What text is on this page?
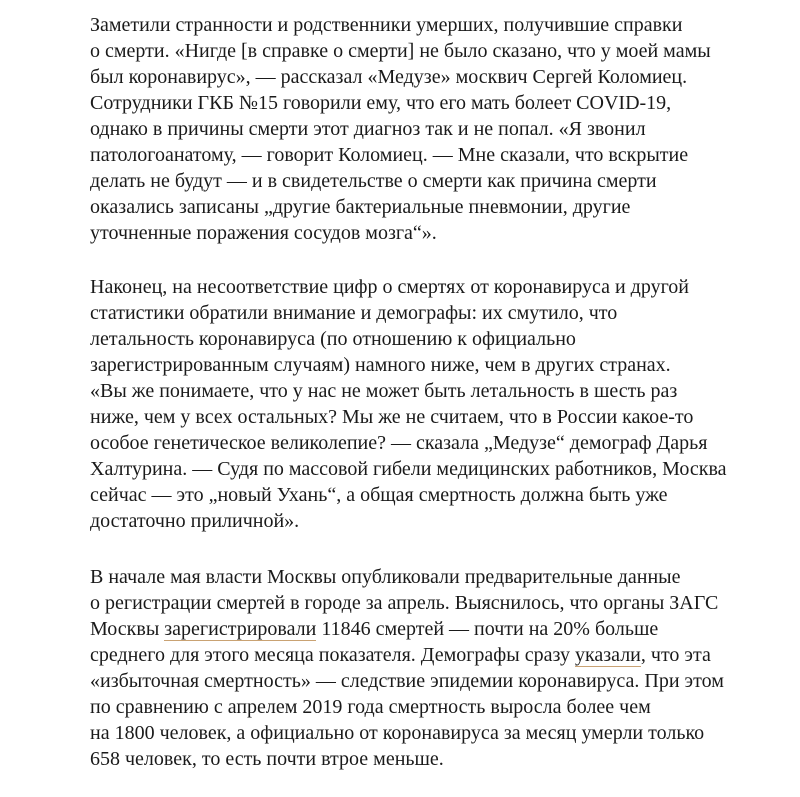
Заметили странности и родственники умерших, получившие справки
о смерти. «Нигде [в справке о смерти] не было сказано, что у моей мамы
был коронавирус», — рассказал «Медузе» москвич Сергей Коломиец.
Сотрудники ГКБ №15 говорили ему, что его мать болеет COVID-19,
однако в причины смерти этот диагноз так и не попал. «Я звонил
патологоанатому, — говорит Коломиец. — Мне сказали, что вскрытие
делать не будут — и в свидетельстве о смерти как причина смерти
оказались записаны „другие бактериальные пневмонии, другие
уточненные поражения сосудов мозга“».
Наконец, на несоответствие цифр о смертях от коронавируса и другой
статистики обратили внимание и демографы: их смутило, что
летальность коронавируса (по отношению к официально
зарегистрированным случаям) намного ниже, чем в других странах.
«Вы же понимаете, что у нас не может быть летальность в шесть раз
ниже, чем у всех остальных? Мы же не считаем, что в России какое-то
особое генетическое великолепие? — сказала „Медузе“ демограф Дарья
Халтурина. — Судя по массовой гибели медицинских работников, Москва
сейчас — это „новый Ухань“, а общая смертность должна быть уже
достаточно приличной».
В начале мая власти Москвы опубликовали предварительные данные
о регистрации смертей в городе за апрель. Выяснилось, что органы ЗАГС
Москвы зарегистрировали 11846 смертей — почти на 20% больше
среднего для этого месяца показателя. Демографы сразу указали, что эта
«избыточная смертность» — следствие эпидемии коронавируса. При этом
по сравнению с апрелем 2019 года смертность выросла более чем
на 1800 человек, а официально от коронавируса за месяц умерли только
658 человек, то есть почти втрое меньше.
